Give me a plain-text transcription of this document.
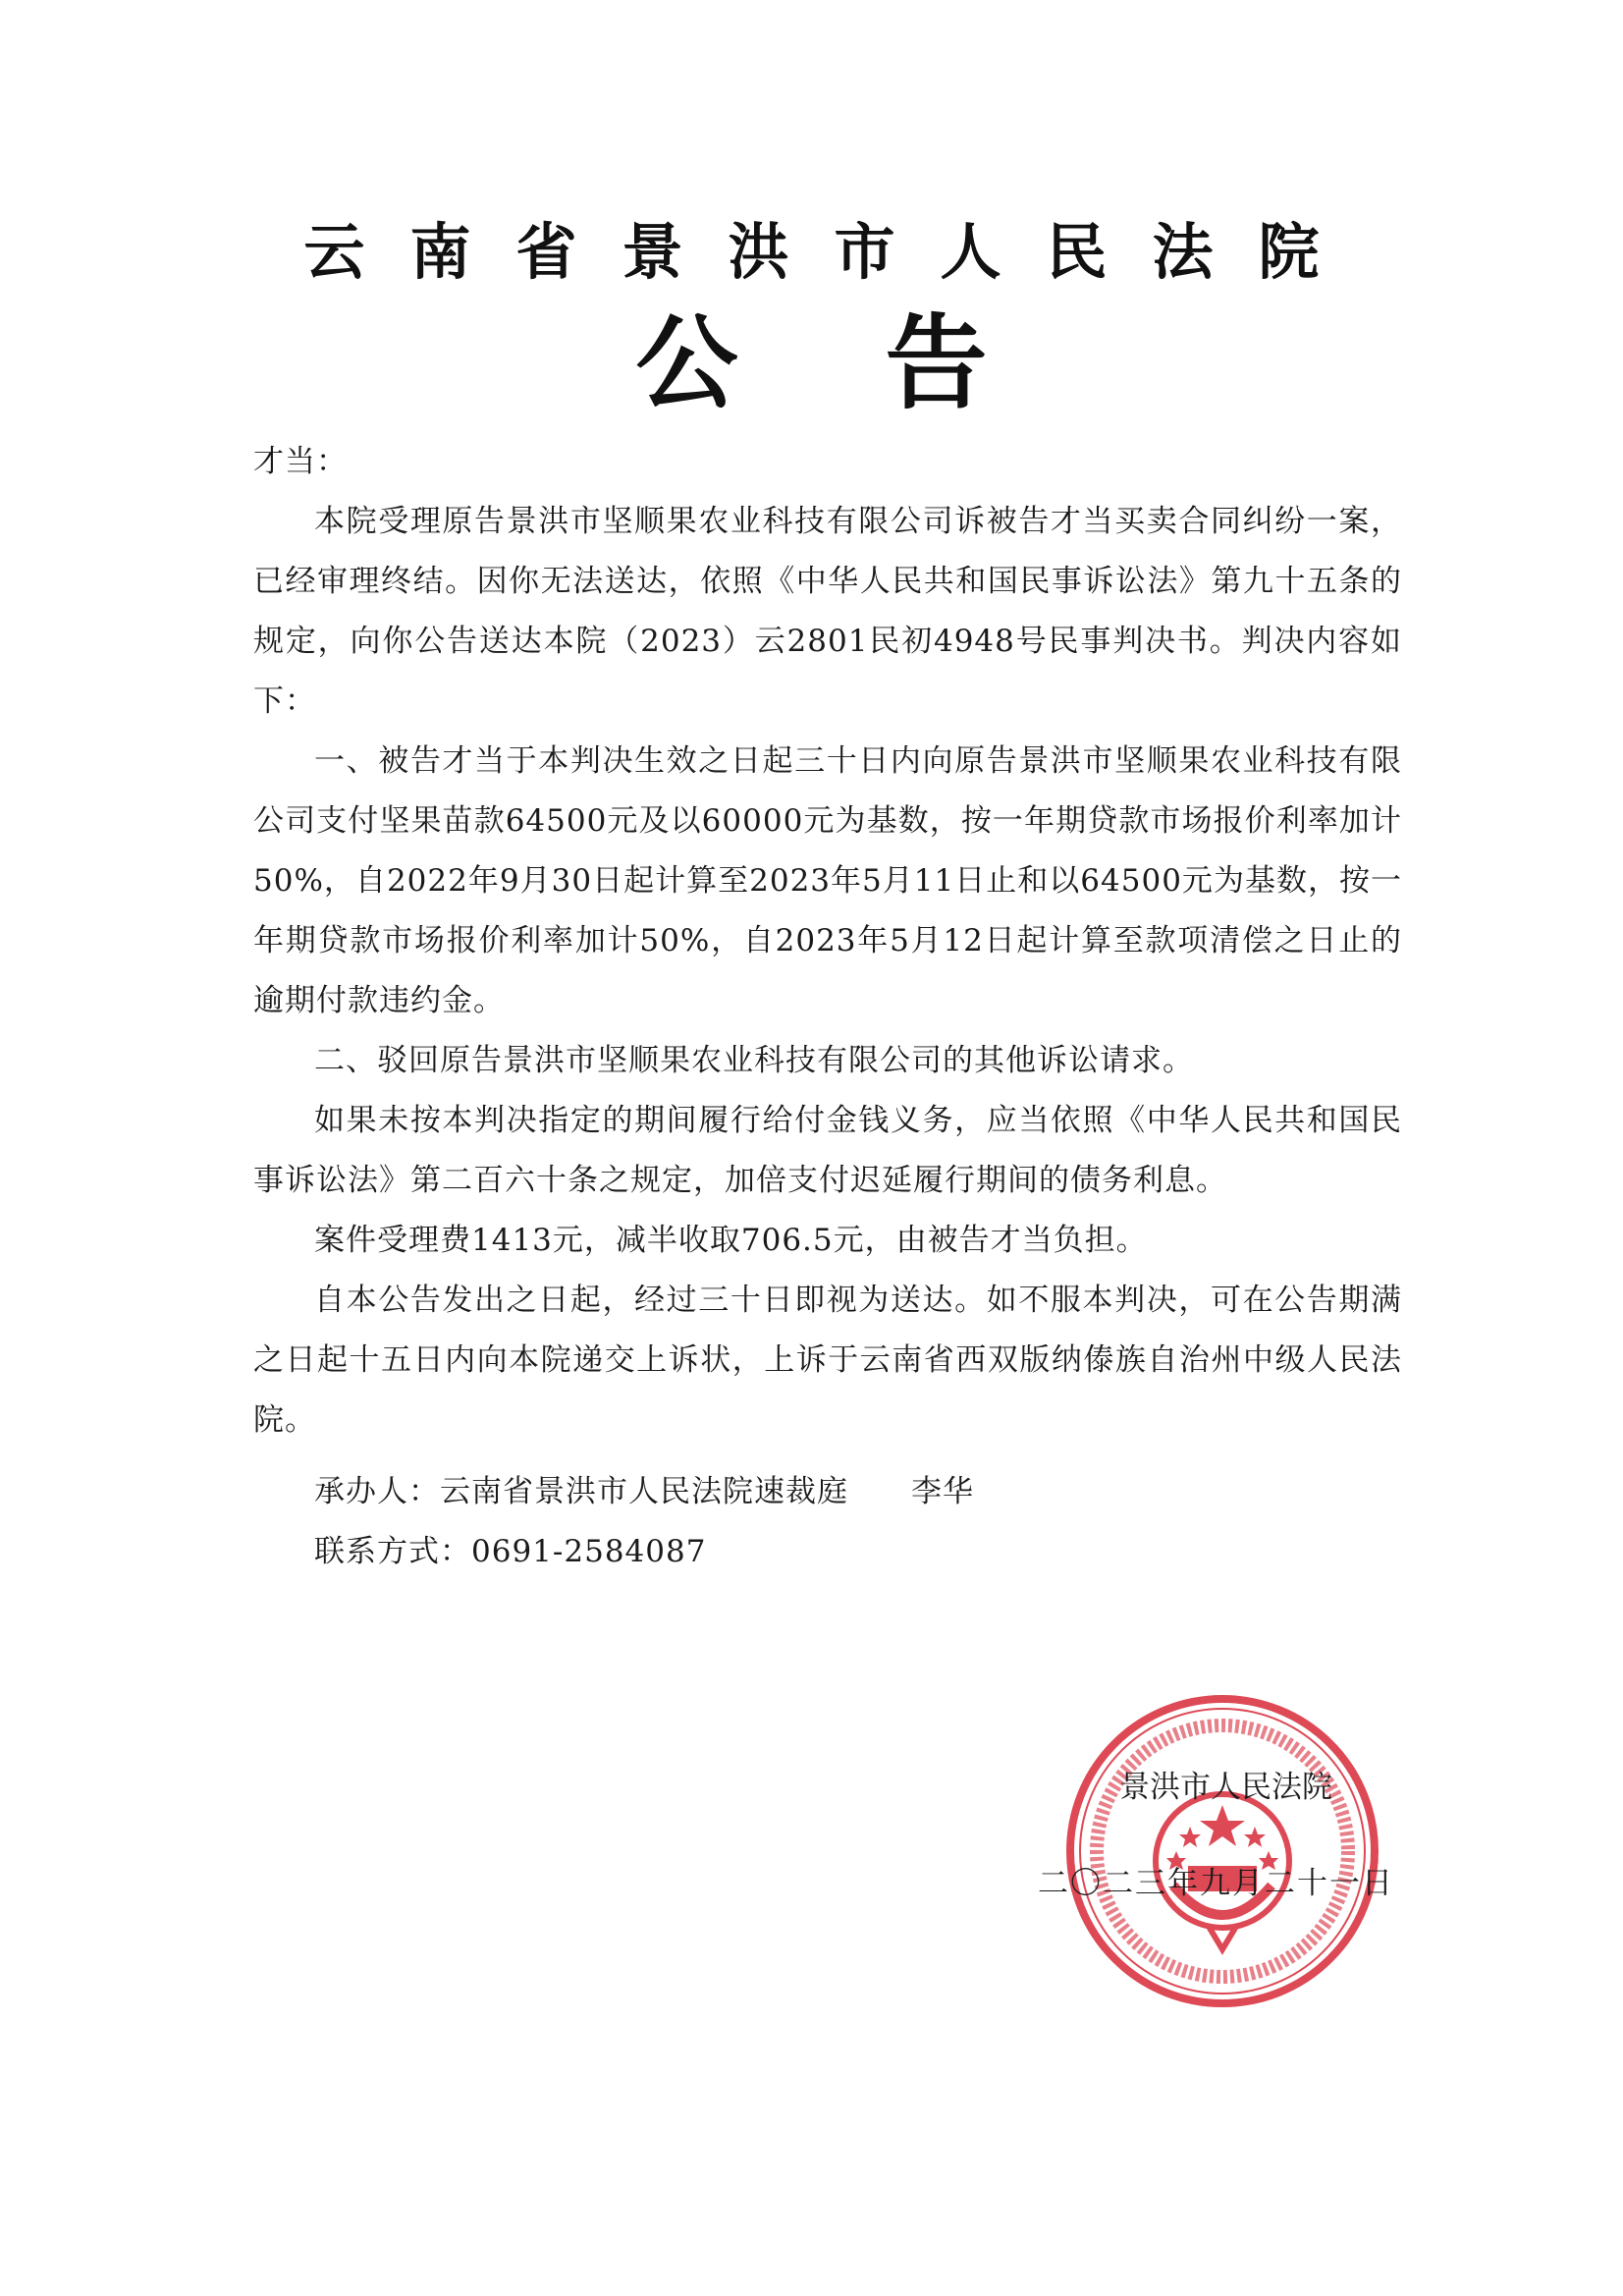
云南省景洪市人民法院
公告

才当：

本院受理原告景洪市坚顺果农业科技有限公司诉被告才当买卖合同纠纷一案，已经审理终结。因你无法送达，依照《中华人民共和国民事诉讼法》第九十五条的规定，向你公告送达本院（2023）云2801民初4948号民事判决书。判决内容如下：

一、被告才当于本判决生效之日起三十日内向原告景洪市坚顺果农业科技有限公司支付坚果苗款64500元及以60000元为基数，按一年期贷款市场报价利率加计50%，自2022年9月30日起计算至2023年5月11日止和以64500元为基数，按一年期贷款市场报价利率加计50%，自2023年5月12日起计算至款项清偿之日止的逾期付款违约金。

二、驳回原告景洪市坚顺果农业科技有限公司的其他诉讼请求。

如果未按本判决指定的期间履行给付金钱义务，应当依照《中华人民共和国民事诉讼法》第二百六十条之规定，加倍支付迟延履行期间的债务利息。

案件受理费1413元，减半收取706.5元，由被告才当负担。

自本公告发出之日起，经过三十日即视为送达。如不服本判决，可在公告期满之日起十五日内向本院递交上诉状，上诉于云南省西双版纳傣族自治州中级人民法院。

承办人：云南省景洪市人民法院速裁庭　　李华

联系方式：0691-2584087

景洪市人民法院
二〇二三年九月二十一日
